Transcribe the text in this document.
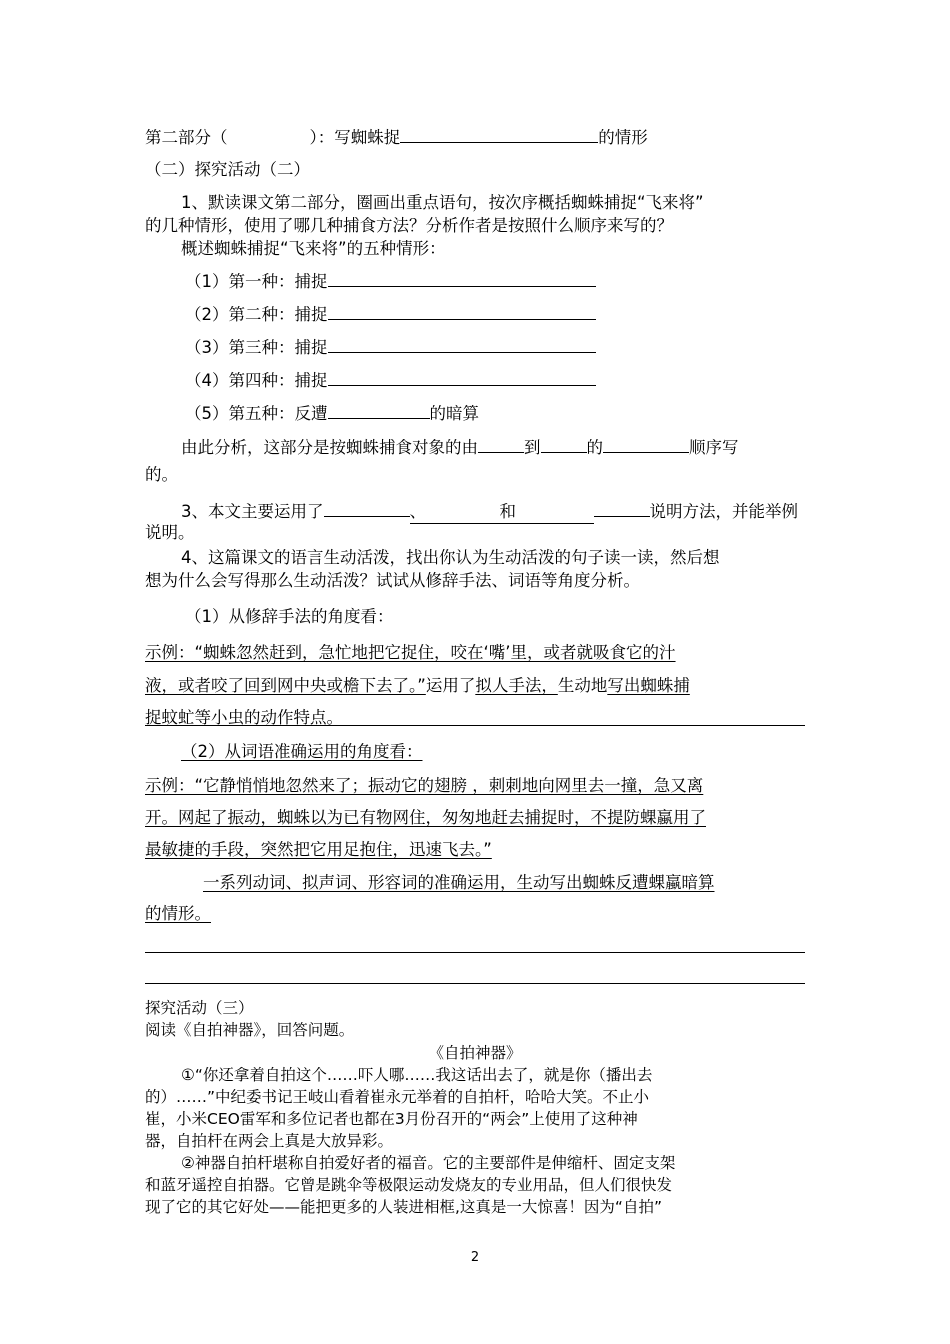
第二部分（	）：写蜘蛛捉	的情形
（二）探究活动（二）
1、默读课文第二部分，圈画出重点语句，按次序概括蜘蛛捕捉“飞来将”
的几种情形，使用了哪几种捕食方法？分析作者是按照什么顺序来写的？
概述蜘蛛捕捉“飞来将”的五种情形：
（1）第一种：捕捉
（2）第二种：捕捉
（3）第三种：捕捉
（4）第四种：捕捉
（5）第五种：反遭	的暗算
由此分析，这部分是按蜘蛛捕食对象的由	到	的	顺序写
的。
3、本文主要运用了	、	和	说明方法，并能举例
说明。
4、这篇课文的语言生动活泼，找出你认为生动活泼的句子读一读，然后想
想为什么会写得那么生动活泼？试试从修辞手法、词语等角度分析。
（1）从修辞手法的角度看：
示例：“蜘蛛忽然赶到，急忙地把它捉住，咬在‘嘴’里，或者就吸食它的汁
液，或者咬了回到网中央或檐下去了。”运用了拟人手法，生动地写出蜘蛛捕
捉蚊虻等小虫的动作特点。
（2）从词语准确运用的角度看：
示例：“它静悄悄地忽然来了；振动它的翅膀 ，刺刺地向网里去一撞，急又离
开。网起了振动，蜘蛛以为已有物网住，匆匆地赶去捕捉时，不提防蜾蠃用了
最敏捷的手段，突然把它用足抱住，迅速飞去。”
一系列动词、拟声词、形容词的准确运用，生动写出蜘蛛反遭蜾蠃暗算
的情形。
探究活动（三）
阅读《自拍神器》，回答问题。
《自拍神器》
①“你还拿着自拍这个……吓人哪……我这话出去了，就是你（播出去
的）……”中纪委书记王岐山看着崔永元举着的自拍杆，哈哈大笑。不止小
崔，小米CEO雷军和多位记者也都在3月份召开的“两会”上使用了这种神
器，自拍杆在两会上真是大放异彩。
②神器自拍杆堪称自拍爱好者的福音。它的主要部件是伸缩杆、固定支架
和蓝牙遥控自拍器。它曾是跳伞等极限运动发烧友的专业用品，但人们很快发
现了它的其它好处——能把更多的人装进相框,这真是一大惊喜！因为“自拍”
2
